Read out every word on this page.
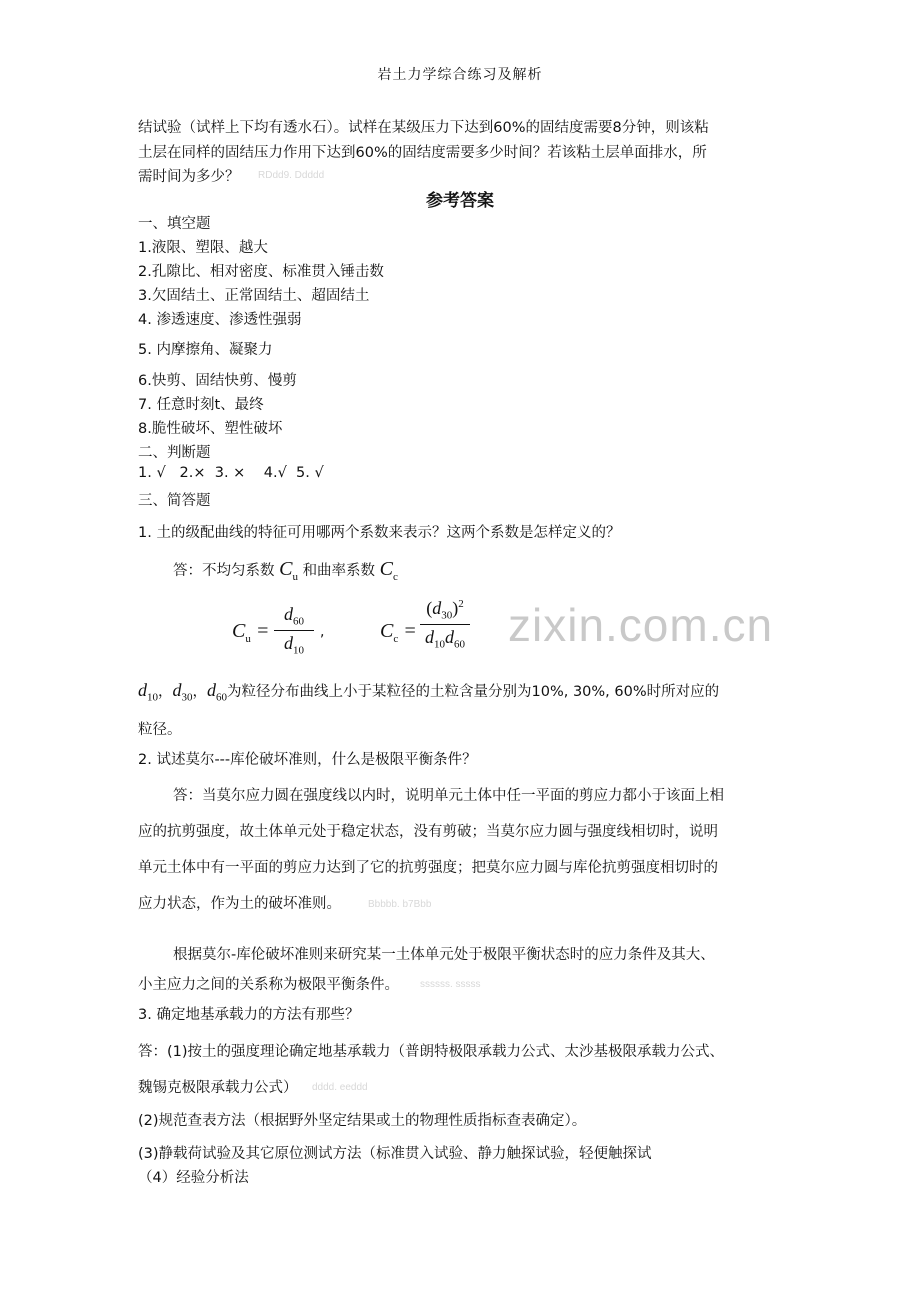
岩土力学综合练习及解析
结试验（试样上下均有透水石）。试样在某级压力下达到60%的固结度需要8分钟，则该粘
土层在同样的固结压力作用下达到60%的固结度需要多少时间？若该粘土层单面排水，所
需时间为多少？ RDdd9. Ddddd
参考答案
一、填空题
1.液限、塑限、越大
2.孔隙比、相对密度、标准贯入锤击数
3.欠固结土、正常固结土、超固结土
4. 渗透速度、渗透性强弱
5. 内摩擦角、凝聚力
6.快剪、固结快剪、慢剪
7. 任意时刻t、最终
8.脆性破坏、塑性破坏
二、判断题
1. √   2.×  3. ×    4.√  5. √
三、简答题
1. 土的级配曲线的特征可用哪两个系数来表示？这两个系数是怎样定义的？
答：不均匀系数 $C_u$ 和曲率系数 $C_c$
$C_u$ =
$d_{60}$
$d_{10}$
,	$C_c$ =
$(d_{30})^2$
$d_{10}d_{60}$ zixin.com.cn
$d_{10}$，$d_{30}$，$d_{60}$为粒径分布曲线上小于某粒径的土粒含量分别为10%, 30%, 60%时所对应的
粒径。
2. 试述莫尔---库伦破坏准则，什么是极限平衡条件？
答：当莫尔应力圆在强度线以内时，说明单元土体中任一平面的剪应力都小于该面上相
应的抗剪强度，故土体单元处于稳定状态，没有剪破；当莫尔应力圆与强度线相切时，说明
单元土体中有一平面的剪应力达到了它的抗剪强度；把莫尔应力圆与库伦抗剪强度相切时的
应力状态，作为土的破坏准则。	Bbbbb. b7Bbb
根据莫尔-库伦破坏准则来研究某一土体单元处于极限平衡状态时的应力条件及其大、
小主应力之间的关系称为极限平衡条件。 ssssss. sssss
3. 确定地基承载力的方法有那些？
答：(1)按土的强度理论确定地基承载力（普朗特极限承载力公式、太沙基极限承载力公式、
魏锡克极限承载力公式） dddd. eeddd
(2)规范查表方法（根据野外坚定结果或土的物理性质指标查表确定）。
(3)静载荷试验及其它原位测试方法（标准贯入试验、静力触探试验，轻便触探试
（4）经验分析法
